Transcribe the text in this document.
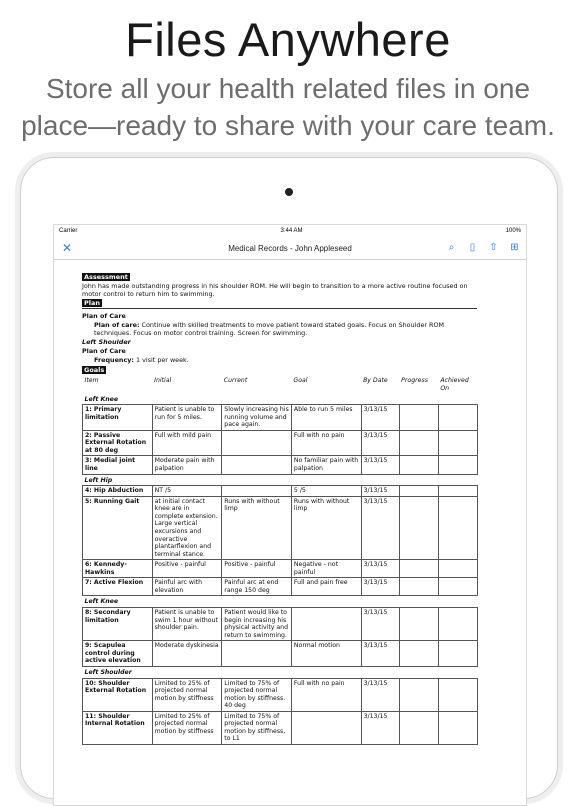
Files Anywhere
Store all your health related files in one
place—ready to share with your care team.
Carrier	3:44 AM	100%
✕	Medical Records - John Appleseed	⌕ ▯ ⇧ ⊞
Assessment
John has made outstanding progress in his shoulder ROM. He will begin to transition to a more active routine focused on motor control to return him to swimming.
Plan
Plan of Care
Plan of care: Continue with skilled treatments to move patient toward stated goals. Focus on Shoulder ROM techniques. Focus on motor control training. Screen for swimming.
Left Shoulder
Plan of Care
Frequency: 1 visit per week.
Goals
Item	Initial	Current	Goal	By Date	Progress	Achieved On
Left Knee						
1: Primary limitation	Patient is unable to run for 5 miles.	Slowly increasing his running volume and pace again.	Able to run 5 miles	3/13/15		
2: Passive External Rotation at 80 deg	Full with mild pain		Full with no pain	3/13/15		
3: Medial joint line	Moderate pain with palpation		No familiar pain with palpation	3/13/15		
Left Hip						
4: Hip Abduction	NT /5		5 /5	3/13/15		
5: Running Gait	at initial contact knee are in complete extension. Large vertical excursions and overactive plantarflexion and terminal stance.	Runs with without limp	Runs with without limp	3/13/15		
6: Kennedy-Hawkins	Positive - painful	Positive - painful	Negative - not painful	3/13/15		
7: Active Flexion	Painful arc with elevation	Painful arc at end range 150 deg	Full and pain free	3/13/15		
Left Knee						
8: Secondary limitation	Patient is unable to swim 1 hour without shoulder pain.	Patient would like to begin increasing his physical activity and return to swimming.		3/13/15		
9: Scapulea control during active elevation	Moderate dyskinesia		Normal motion	3/13/15		
Left Shoulder						
10: Shoulder External Rotation	Limited to 25% of projected normal motion by stiffness	Limited to 75% of projected normal motion by stiffness. 40 deg	Full with no pain	3/13/15		
11: Shoulder Internal Rotation	Limited to 25% of projected normal motion by stiffness	Limited to 75% of projected normal motion by stiffness, to L1		3/13/15		
